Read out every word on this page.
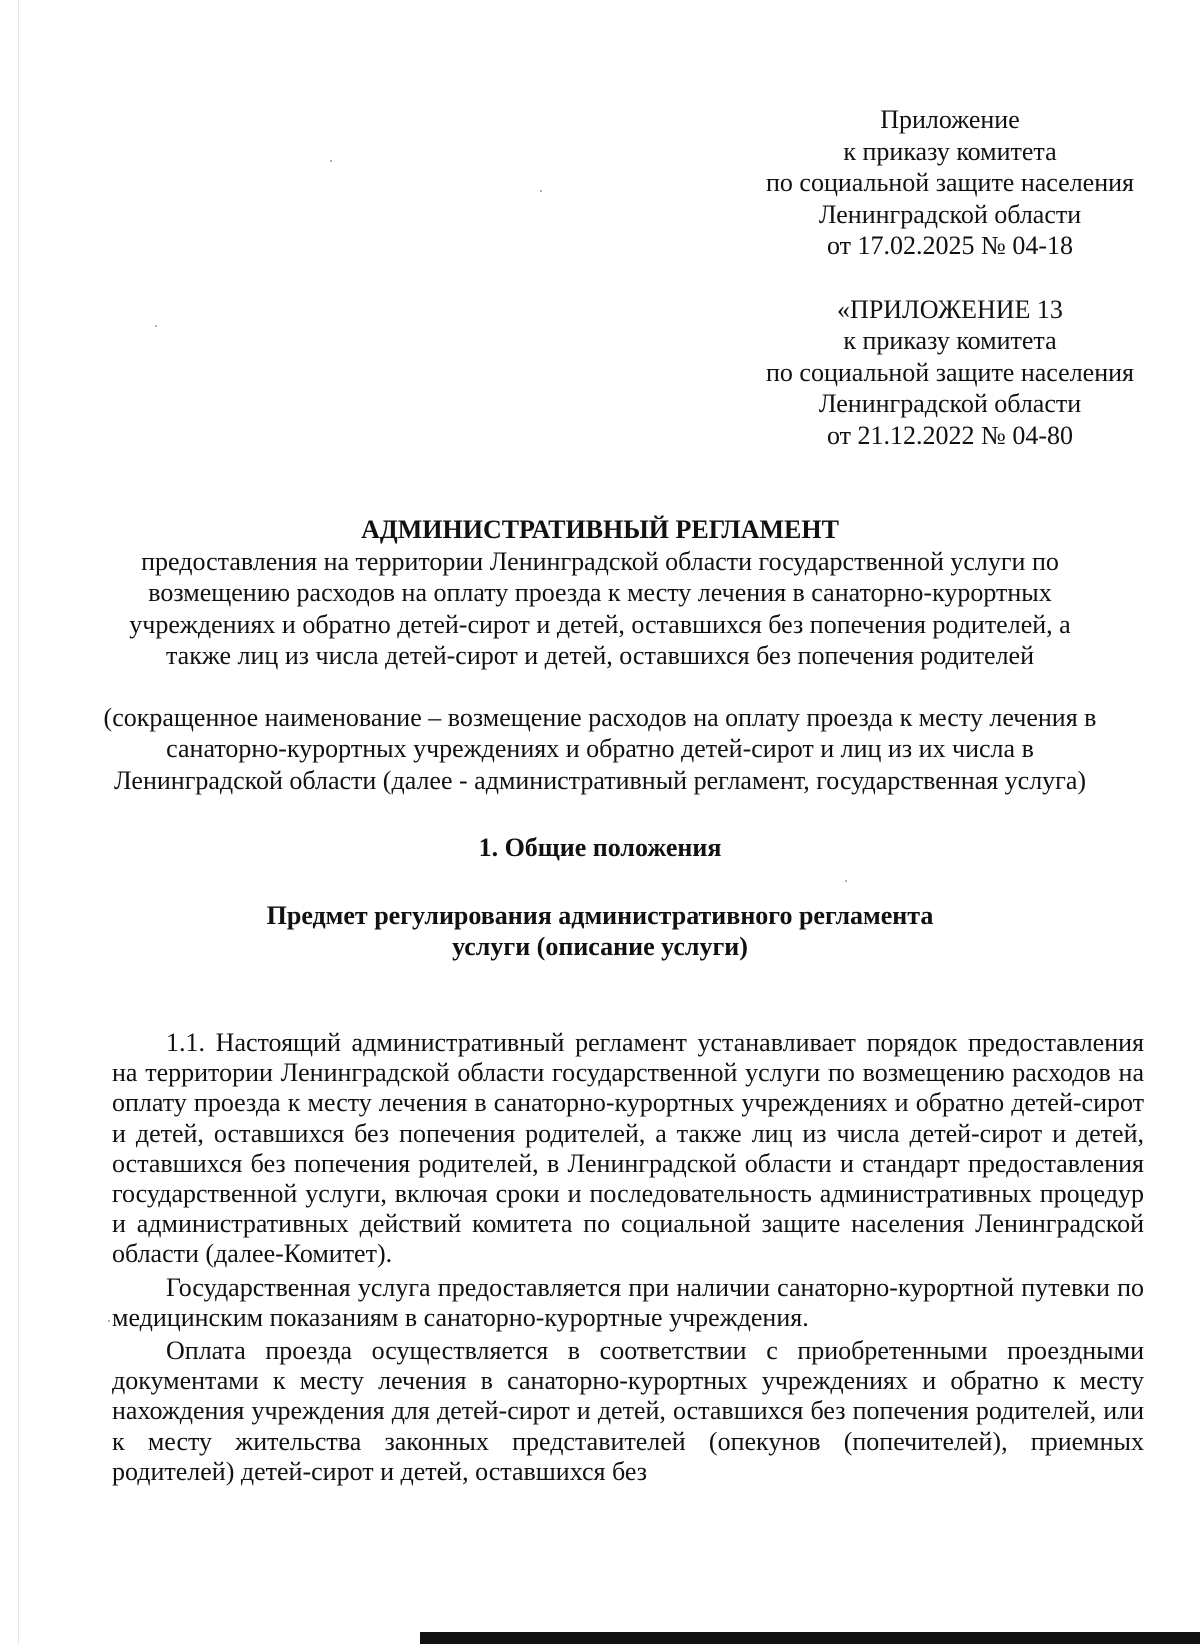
Приложение
к приказу комитета
по социальной защите населения
Ленинградской области
от 17.02.2025 № 04-18
«ПРИЛОЖЕНИЕ 13
к приказу комитета
по социальной защите населения
Ленинградской области
от 21.12.2022 № 04-80
АДМИНИСТРАТИВНЫЙ РЕГЛАМЕНТ
предоставления на территории Ленинградской области государственной услуги по возмещению расходов на оплату проезда к месту лечения в санаторно-курортных учреждениях и обратно детей-сирот и детей, оставшихся без попечения родителей, а также лиц из числа детей-сирот и детей, оставшихся без попечения родителей
(сокращенное наименование – возмещение расходов на оплату проезда к месту лечения в санаторно-курортных учреждениях и обратно детей-сирот и лиц из их числа в Ленинградской области (далее - административный регламент, государственная услуга)
1. Общие положения
Предмет регулирования административного регламента
услуги (описание услуги)

1.1. Настоящий административный регламент устанавливает порядок предоставления на территории Ленинградской области государственной услуги по возмещению расходов на оплату проезда к месту лечения в санаторно-курортных учреждениях и обратно детей-сирот и детей, оставшихся без попечения родителей, а также лиц из числа детей-сирот и детей, оставшихся без попечения родителей, в Ленинградской области и стандарт предоставления государственной услуги, включая сроки и последовательность административных процедур и административных действий комитета по социальной защите населения Ленинградской области (далее-Комитет).

Государственная услуга предоставляется при наличии санаторно-курортной путевки по медицинским показаниям в санаторно-курортные учреждения.

Оплата проезда осуществляется в соответствии с приобретенными проездными документами к месту лечения в санаторно-курортных учреждениях и обратно к месту нахождения учреждения для детей-сирот и детей, оставшихся без попечения родителей, или к месту жительства законных представителей (опекунов (попечителей), приемных родителей) детей-сирот и детей, оставшихся без
